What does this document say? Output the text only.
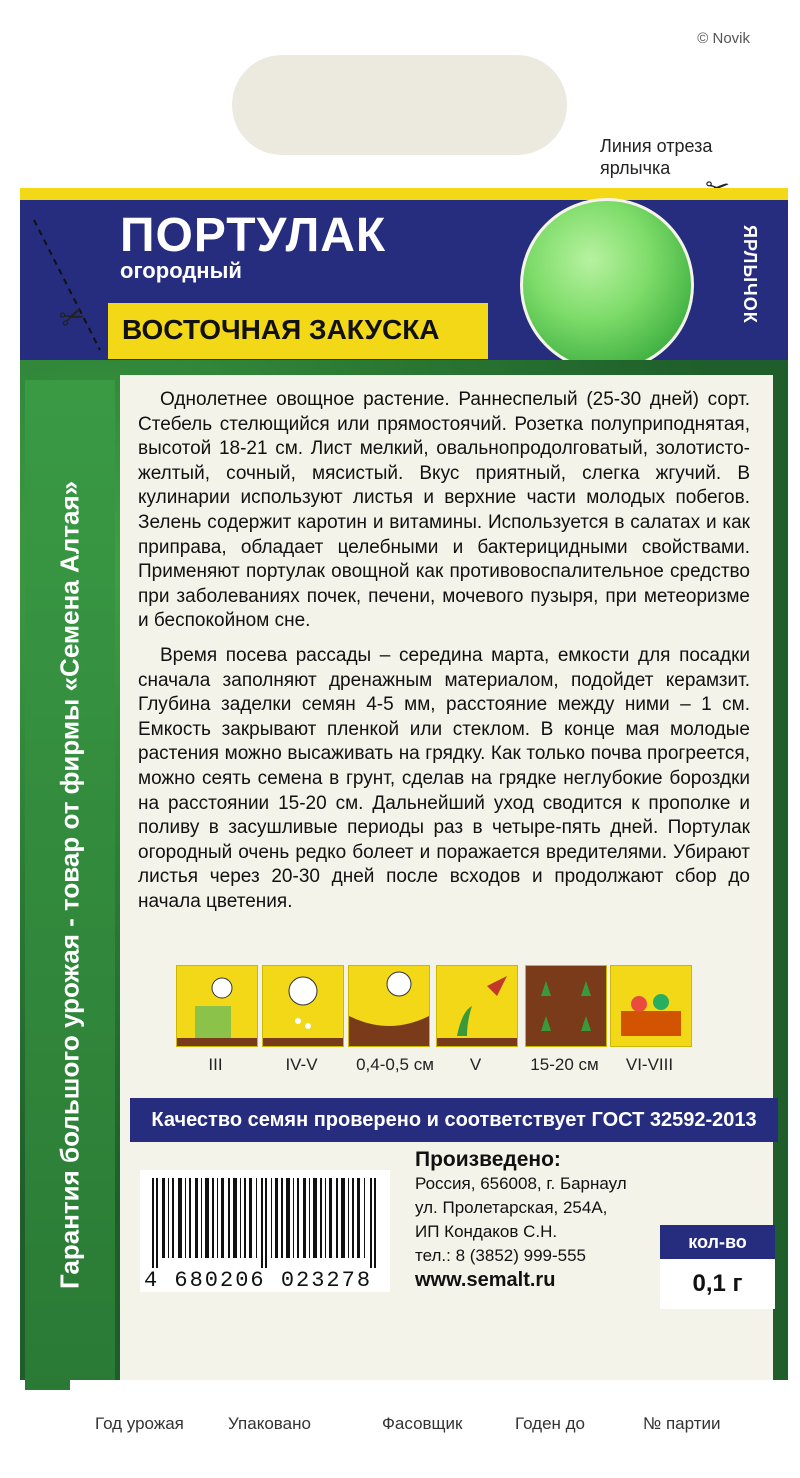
© Novik
Линия отреза
ярлычка
ЯРЛЫЧОК
✂
ПОРТУЛАК
огородный
ВОСТОЧНАЯ ЗАКУСКА
Гарантия большого урожая - товар от фирмы «Семена Алтая»

Однолетнее овощное растение. Раннеспелый (25-30 дней) сорт. Стебель стелющийся или прямостоячий. Розетка полуприподнятая, высотой 18-21 см. Лист мелкий, овальнопродолговатый, золотисто-желтый, сочный, мясистый. Вкус приятный, слегка жгучий. В кулинарии используют листья и верхние части молодых побегов. Зелень содержит каротин и витамины. Используется в салатах и как приправа, обладает целебными и бактерицидными свойствами. Применяют портулак овощной как противовоспалительное средство при заболеваниях почек, печени, мочевого пузыря, при метеоризме и беспокойном сне.

Время посева рассады – середина марта, емкости для посадки сначала заполняют дренажным материалом, подойдет керамзит. Глубина заделки семян 4-5 мм, расстояние между ними – 1 см. Емкость закрывают пленкой или стеклом. В конце мая молодые растения можно высаживать на грядку. Как только почва прогреется, можно сеять семена в грунт, сделав на грядке неглубокие бороздки на расстоянии 15-20 см. Дальнейший уход сводится к прополке и поливу в засушливые периоды раз в четыре-пять дней. Портулак огородный очень редко болеет и поражается вредителями. Убирают листья через 20-30 дней после всходов и продолжают сбор до начала цветения.

III	IV-V	0,4-0,5 см	V	15-20 см	VI-VIII
Качество семян проверено и соответствует ГОСТ 32592-2013
4 680206 023278
Произведено:
Россия, 656008, г. Барнаул
ул. Пролетарская, 254А,
ИП Кондаков С.Н.
тел.: 8 (3852) 999-555
www.semalt.ru
кол-во
0,1 г
Год урожая	Упаковано	Фасовщик	Годен до	№ партии
